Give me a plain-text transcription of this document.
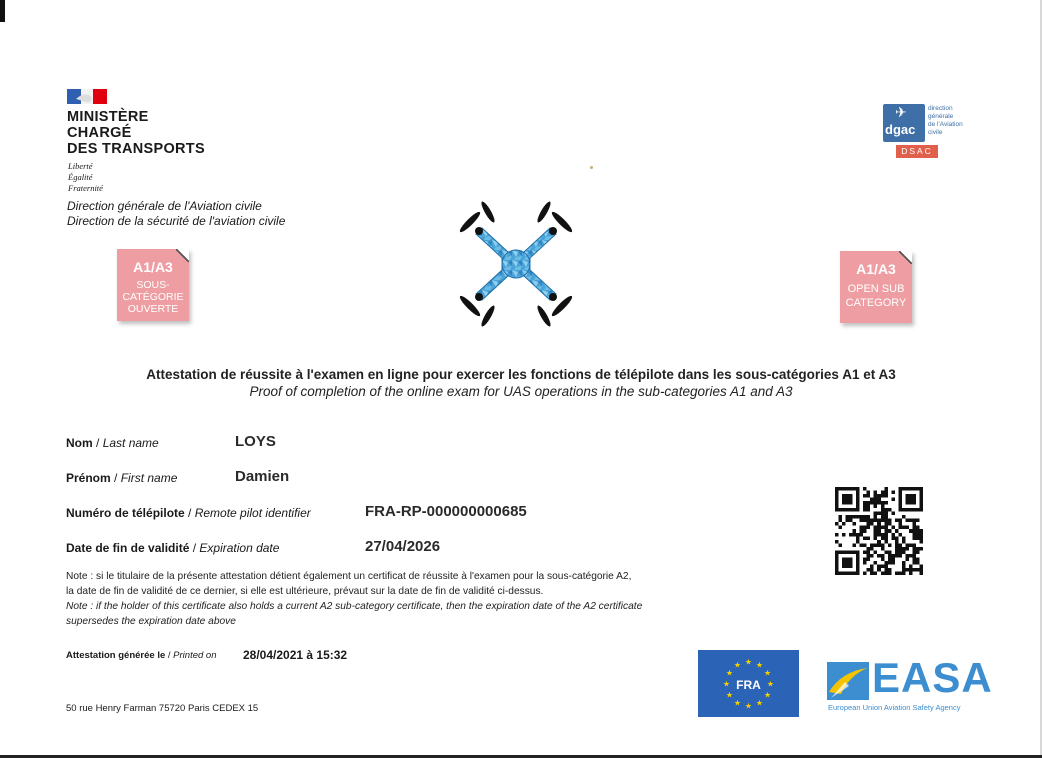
MINISTÈRE
CHARGÉ
DES TRANSPORTS
Liberté
Égalité
Fraternité
Direction générale de l'Aviation civile
Direction de la sécurité de l'aviation civile
✈
dgac
direction
générale
de l'Aviation
civile
DSAC
A1/A3
SOUS-
CATÉGORIE
OUVERTE
A1/A3
OPEN SUB
CATEGORY
Attestation de réussite à l'examen en ligne pour exercer les fonctions de télépilote dans les sous-catégories A1 et A3
Proof of completion of the online exam for UAS operations in the sub-categories A1 and A3
Nom / Last name	LOYS
Prénom / First name	Damien
Numéro de télépilote / Remote pilot identifier	FRA-RP-000000000685
Date de fin de validité / Expiration date	27/04/2026
Note : si le titulaire de la présente attestation détient également un certificat de réussite à l'examen pour la sous-catégorie A2,
la date de fin de validité de ce dernier, si elle est ultérieure, prévaut sur la date de fin de validité ci-dessus.
Note : if the holder of this certificate also holds a current A2 sub-category certificate, then the expiration date of the A2 certificate
supersedes the expiration date above
Attestation générée le / Printed on 28/04/2021 à 15:32
50 rue Henry Farman 75720 Paris CEDEX 15
★ ★
★
★
★
★
★
★
★
★
★
★
FRA	EASA
European Union Aviation Safety Agency
